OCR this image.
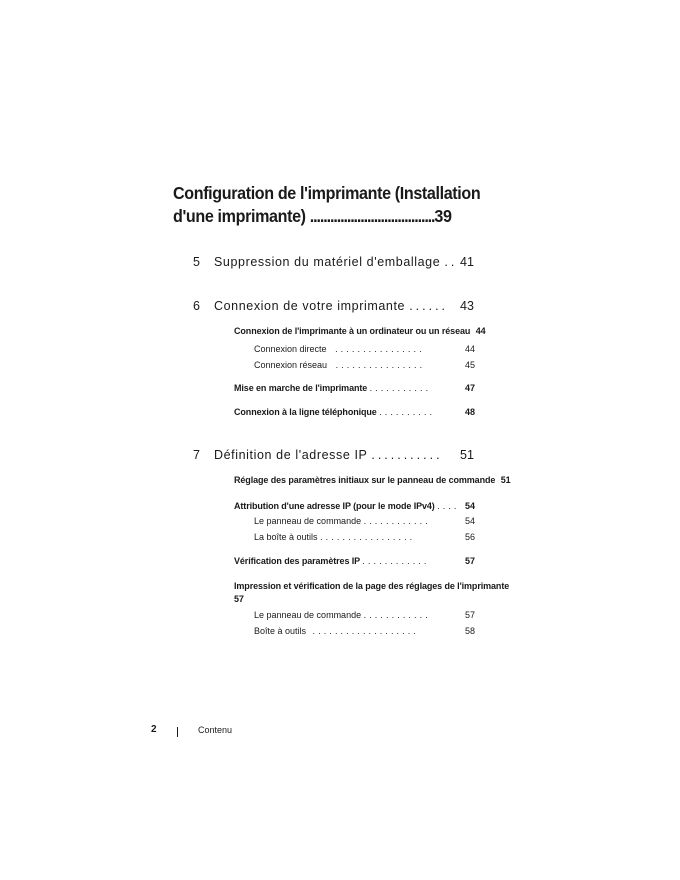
Configuration de l'imprimante (Installation
d'une imprimante) .....................................39
5 Suppression du matériel d'emballage .. 41
6 Connexion de votre imprimante ...... 43
Connexion de l'imprimante à un ordinateur ou un réseau 44
Connexion directe ................	44
Connexion réseau ................	45
Mise en marche de l'imprimante ...........	47
Connexion à la ligne téléphonique ..........	48
7 Définition de l'adresse IP ........... 51
Réglage des paramètres initiaux sur le panneau de commande 51
Attribution d'une adresse IP (pour le mode IPv4) .... 54
Le panneau de commande ............	54
La boîte à outils .................	56
Vérification des paramètres IP ............	57
Impression et vérification de la page des réglages de l'imprimante
57
Le panneau de commande ............	57
Boîte à outils ...................	58
2	Contenu
